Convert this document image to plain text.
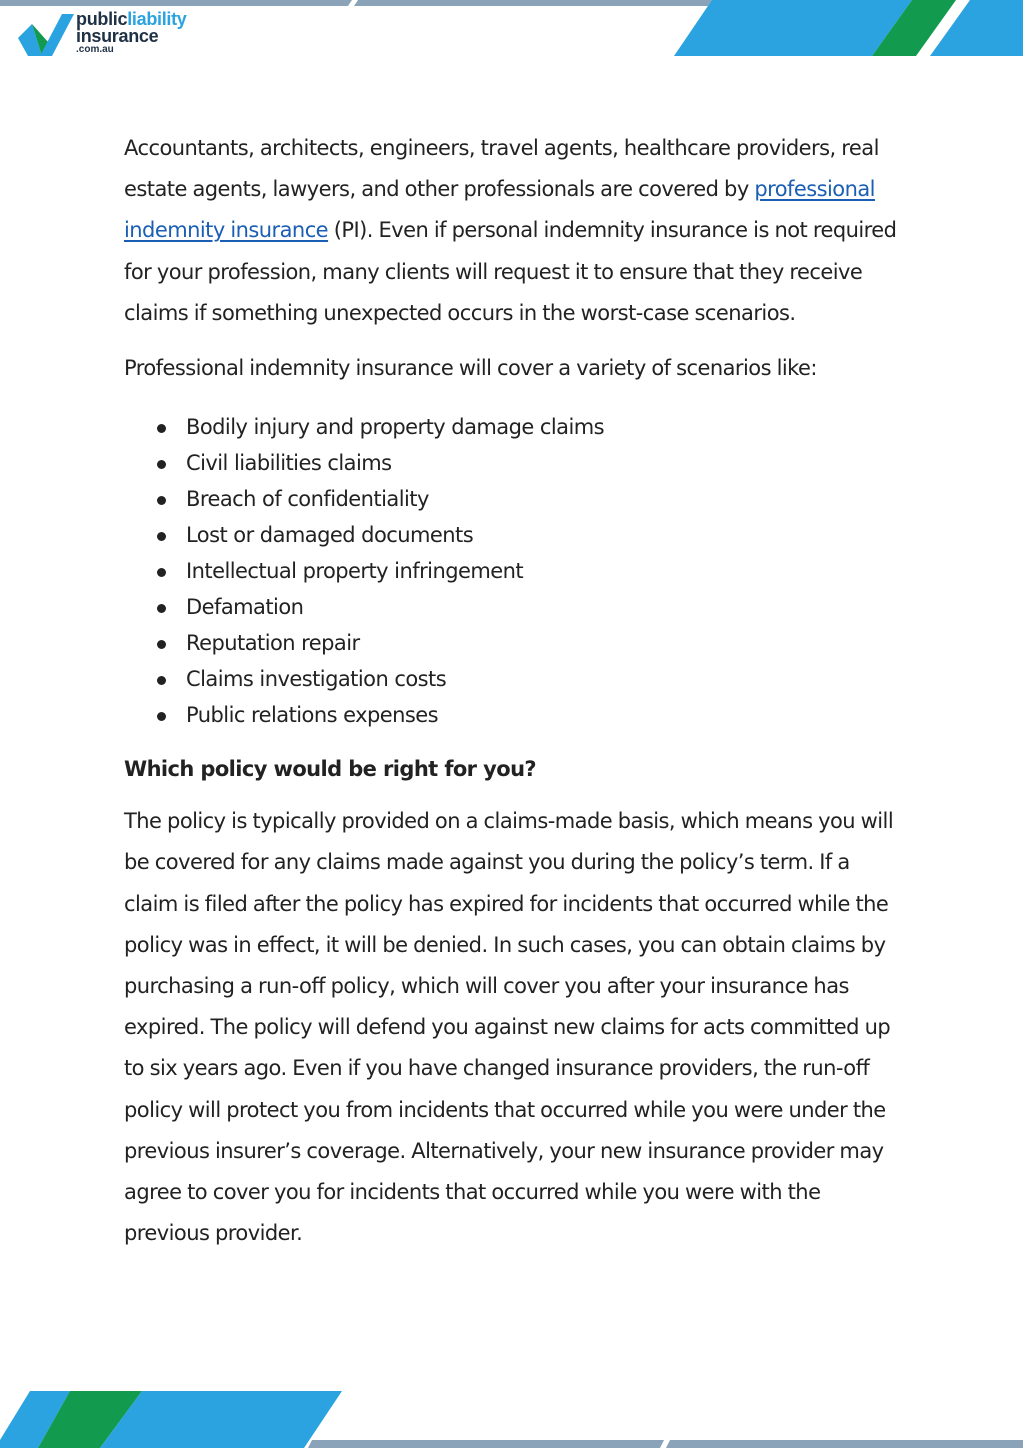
publicliability
insurance
.com.au

Accountants, architects, engineers, travel agents, healthcare providers, real estate agents, lawyers, and other professionals are covered by professional indemnity insurance (PI). Even if personal indemnity insurance is not required for your profession, many clients will request it to ensure that they receive claims if something unexpected occurs in the worst-case scenarios.

Professional indemnity insurance will cover a variety of scenarios like:

Bodily injury and property damage claims
Civil liabilities claims
Breach of confidentiality
Lost or damaged documents
Intellectual property infringement
Defamation
Reputation repair
Claims investigation costs
Public relations expenses
Which policy would be right for you?

The policy is typically provided on a claims-made basis, which means you will be covered for any claims made against you during the policy’s term. If a claim is filed after the policy has expired for incidents that occurred while the policy was in effect, it will be denied. In such cases, you can obtain claims by purchasing a run-off policy, which will cover you after your insurance has expired. The policy will defend you against new claims for acts committed up to six years ago. Even if you have changed insurance providers, the run-off policy will protect you from incidents that occurred while you were under the previous insurer’s coverage. Alternatively, your new insurance provider may agree to cover you for incidents that occurred while you were with the previous provider.
